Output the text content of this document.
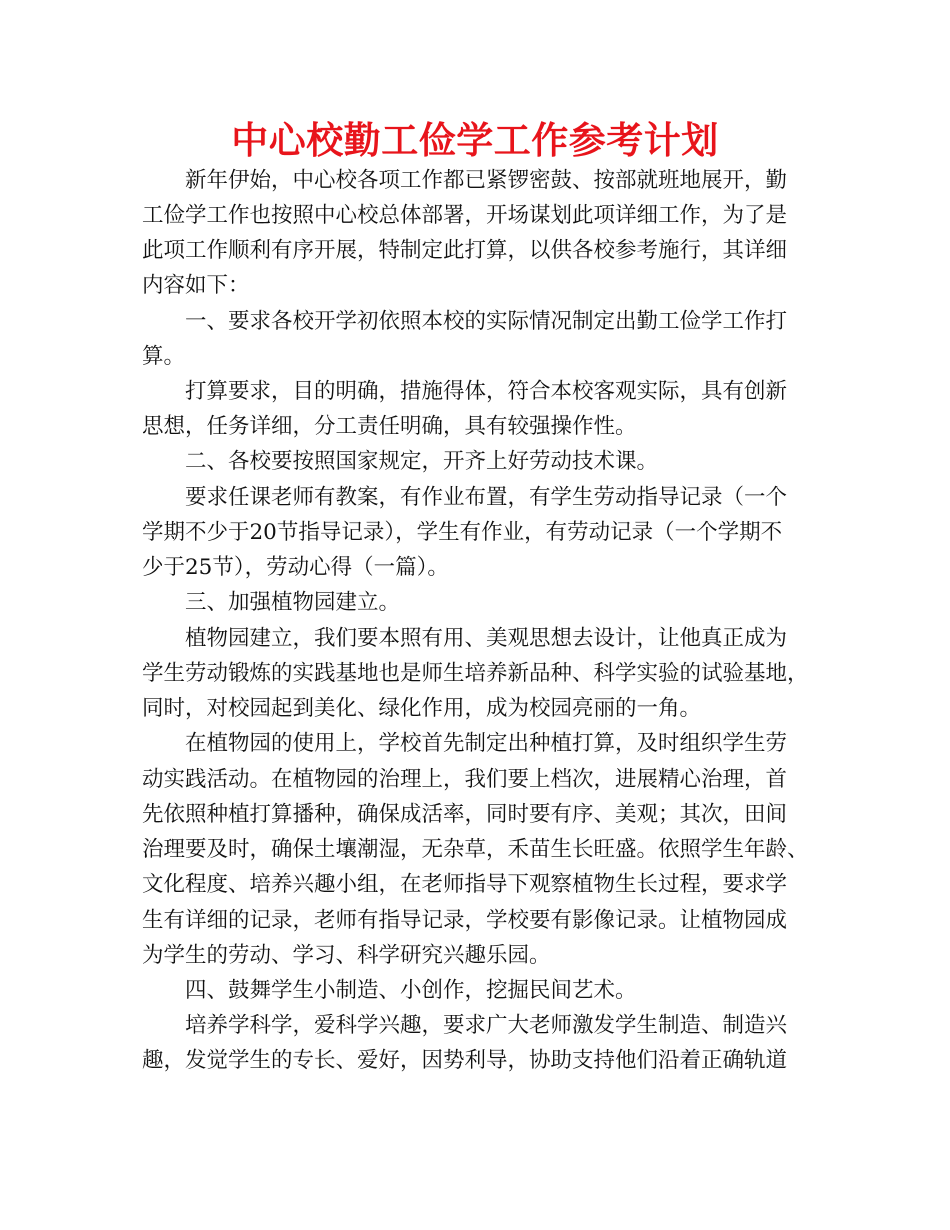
中心校勤工俭学工作参考计划
新年伊始，中心校各项工作都已紧锣密鼓、按部就班地展开，勤
工俭学工作也按照中心校总体部署，开场谋划此项详细工作，为了是
此项工作顺利有序开展，特制定此打算，以供各校参考施行，其详细
内容如下：
一、要求各校开学初依照本校的实际情况制定出勤工俭学工作打
算。
打算要求，目的明确，措施得体，符合本校客观实际，具有创新
思想，任务详细，分工责任明确，具有较强操作性。
二、各校要按照国家规定，开齐上好劳动技术课。
要求任课老师有教案，有作业布置，有学生劳动指导记录（一个
学期不少于20节指导记录），学生有作业，有劳动记录（一个学期不
少于25节），劳动心得（一篇）。
三、加强植物园建立。
植物园建立，我们要本照有用、美观思想去设计，让他真正成为
学生劳动锻炼的实践基地也是师生培养新品种、科学实验的试验基地，
同时，对校园起到美化、绿化作用，成为校园亮丽的一角。
在植物园的使用上，学校首先制定出种植打算，及时组织学生劳
动实践活动。在植物园的治理上，我们要上档次，进展精心治理，首
先依照种植打算播种，确保成活率，同时要有序、美观；其次，田间
治理要及时，确保土壤潮湿，无杂草，禾苗生长旺盛。依照学生年龄、
文化程度、培养兴趣小组，在老师指导下观察植物生长过程，要求学
生有详细的记录，老师有指导记录，学校要有影像记录。让植物园成
为学生的劳动、学习、科学研究兴趣乐园。
四、鼓舞学生小制造、小创作，挖掘民间艺术。
培养学科学，爱科学兴趣，要求广大老师激发学生制造、制造兴
趣，发觉学生的专长、爱好，因势利导，协助支持他们沿着正确轨道
